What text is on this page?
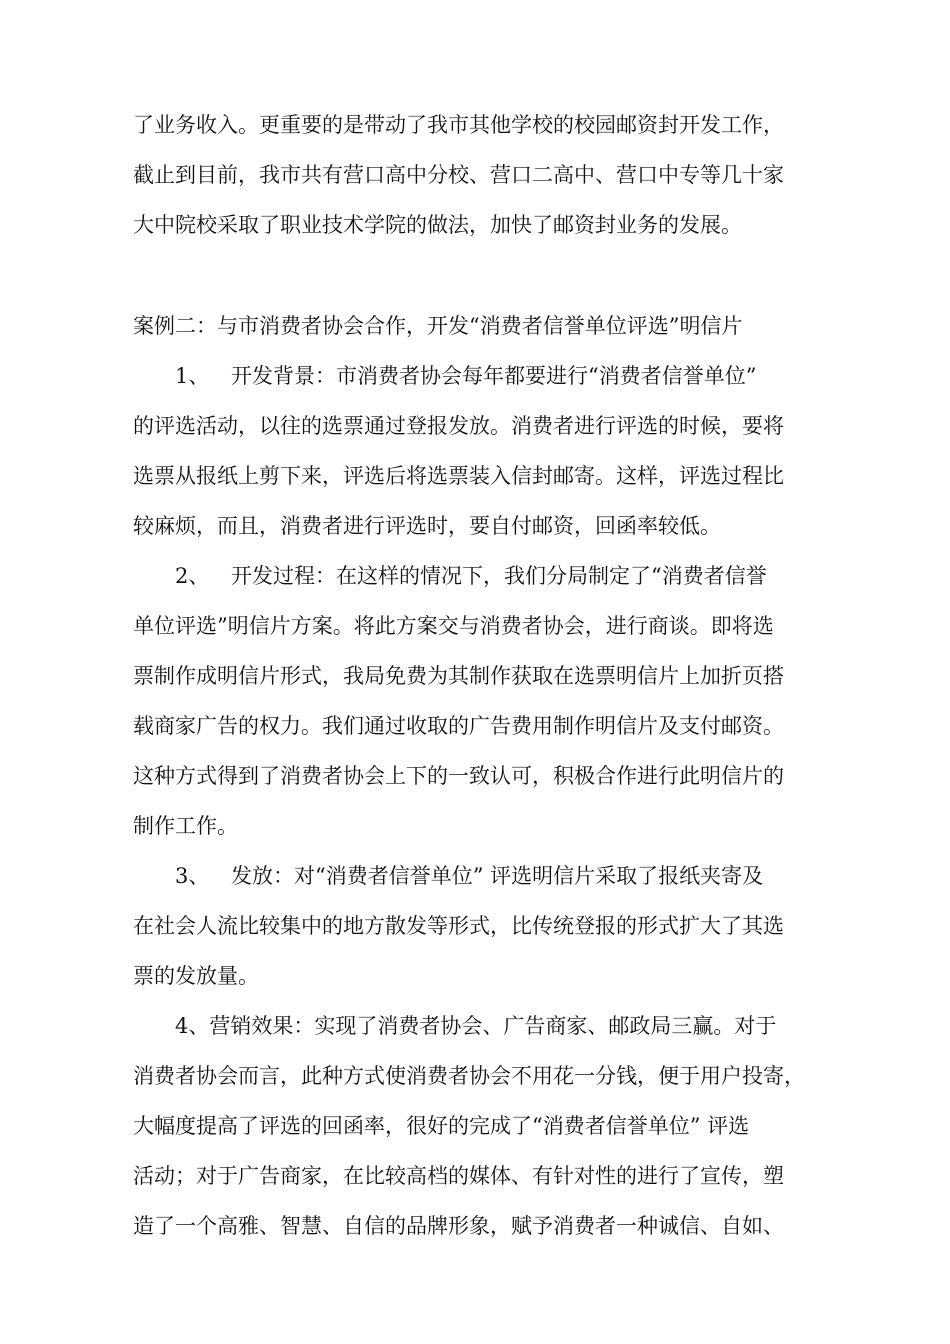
了业务收入。更重要的是带动了我市其他学校的校园邮资封开发工作，
截止到目前，我市共有营口高中分校、营口二高中、营口中专等几十家
大中院校采取了职业技术学院的做法，加快了邮资封业务的发展。
案例二：与市消费者协会合作，开发“消费者信誉单位评选”明信片
1、 开发背景：市消费者协会每年都要进行“消费者信誉单位”
的评选活动，以往的选票通过登报发放。消费者进行评选的时候，要将
选票从报纸上剪下来，评选后将选票装入信封邮寄。这样，评选过程比
较麻烦，而且，消费者进行评选时，要自付邮资，回函率较低。
2、 开发过程：在这样的情况下，我们分局制定了“消费者信誉
单位评选”明信片方案。将此方案交与消费者协会，进行商谈。即将选
票制作成明信片形式，我局免费为其制作获取在选票明信片上加折页搭
载商家广告的权力。我们通过收取的广告费用制作明信片及支付邮资。
这种方式得到了消费者协会上下的一致认可，积极合作进行此明信片的
制作工作。
3、 发放：对“消费者信誉单位” 评选明信片采取了报纸夹寄及
在社会人流比较集中的地方散发等形式，比传统登报的形式扩大了其选
票的发放量。
4、营销效果：实现了消费者协会、广告商家、邮政局三赢。对于
消费者协会而言，此种方式使消费者协会不用花一分钱，便于用户投寄，
大幅度提高了评选的回函率，很好的完成了“消费者信誉单位” 评选
活动；对于广告商家，在比较高档的媒体、有针对性的进行了宣传，塑
造了一个高雅、智慧、自信的品牌形象，赋予消费者一种诚信、自如、
